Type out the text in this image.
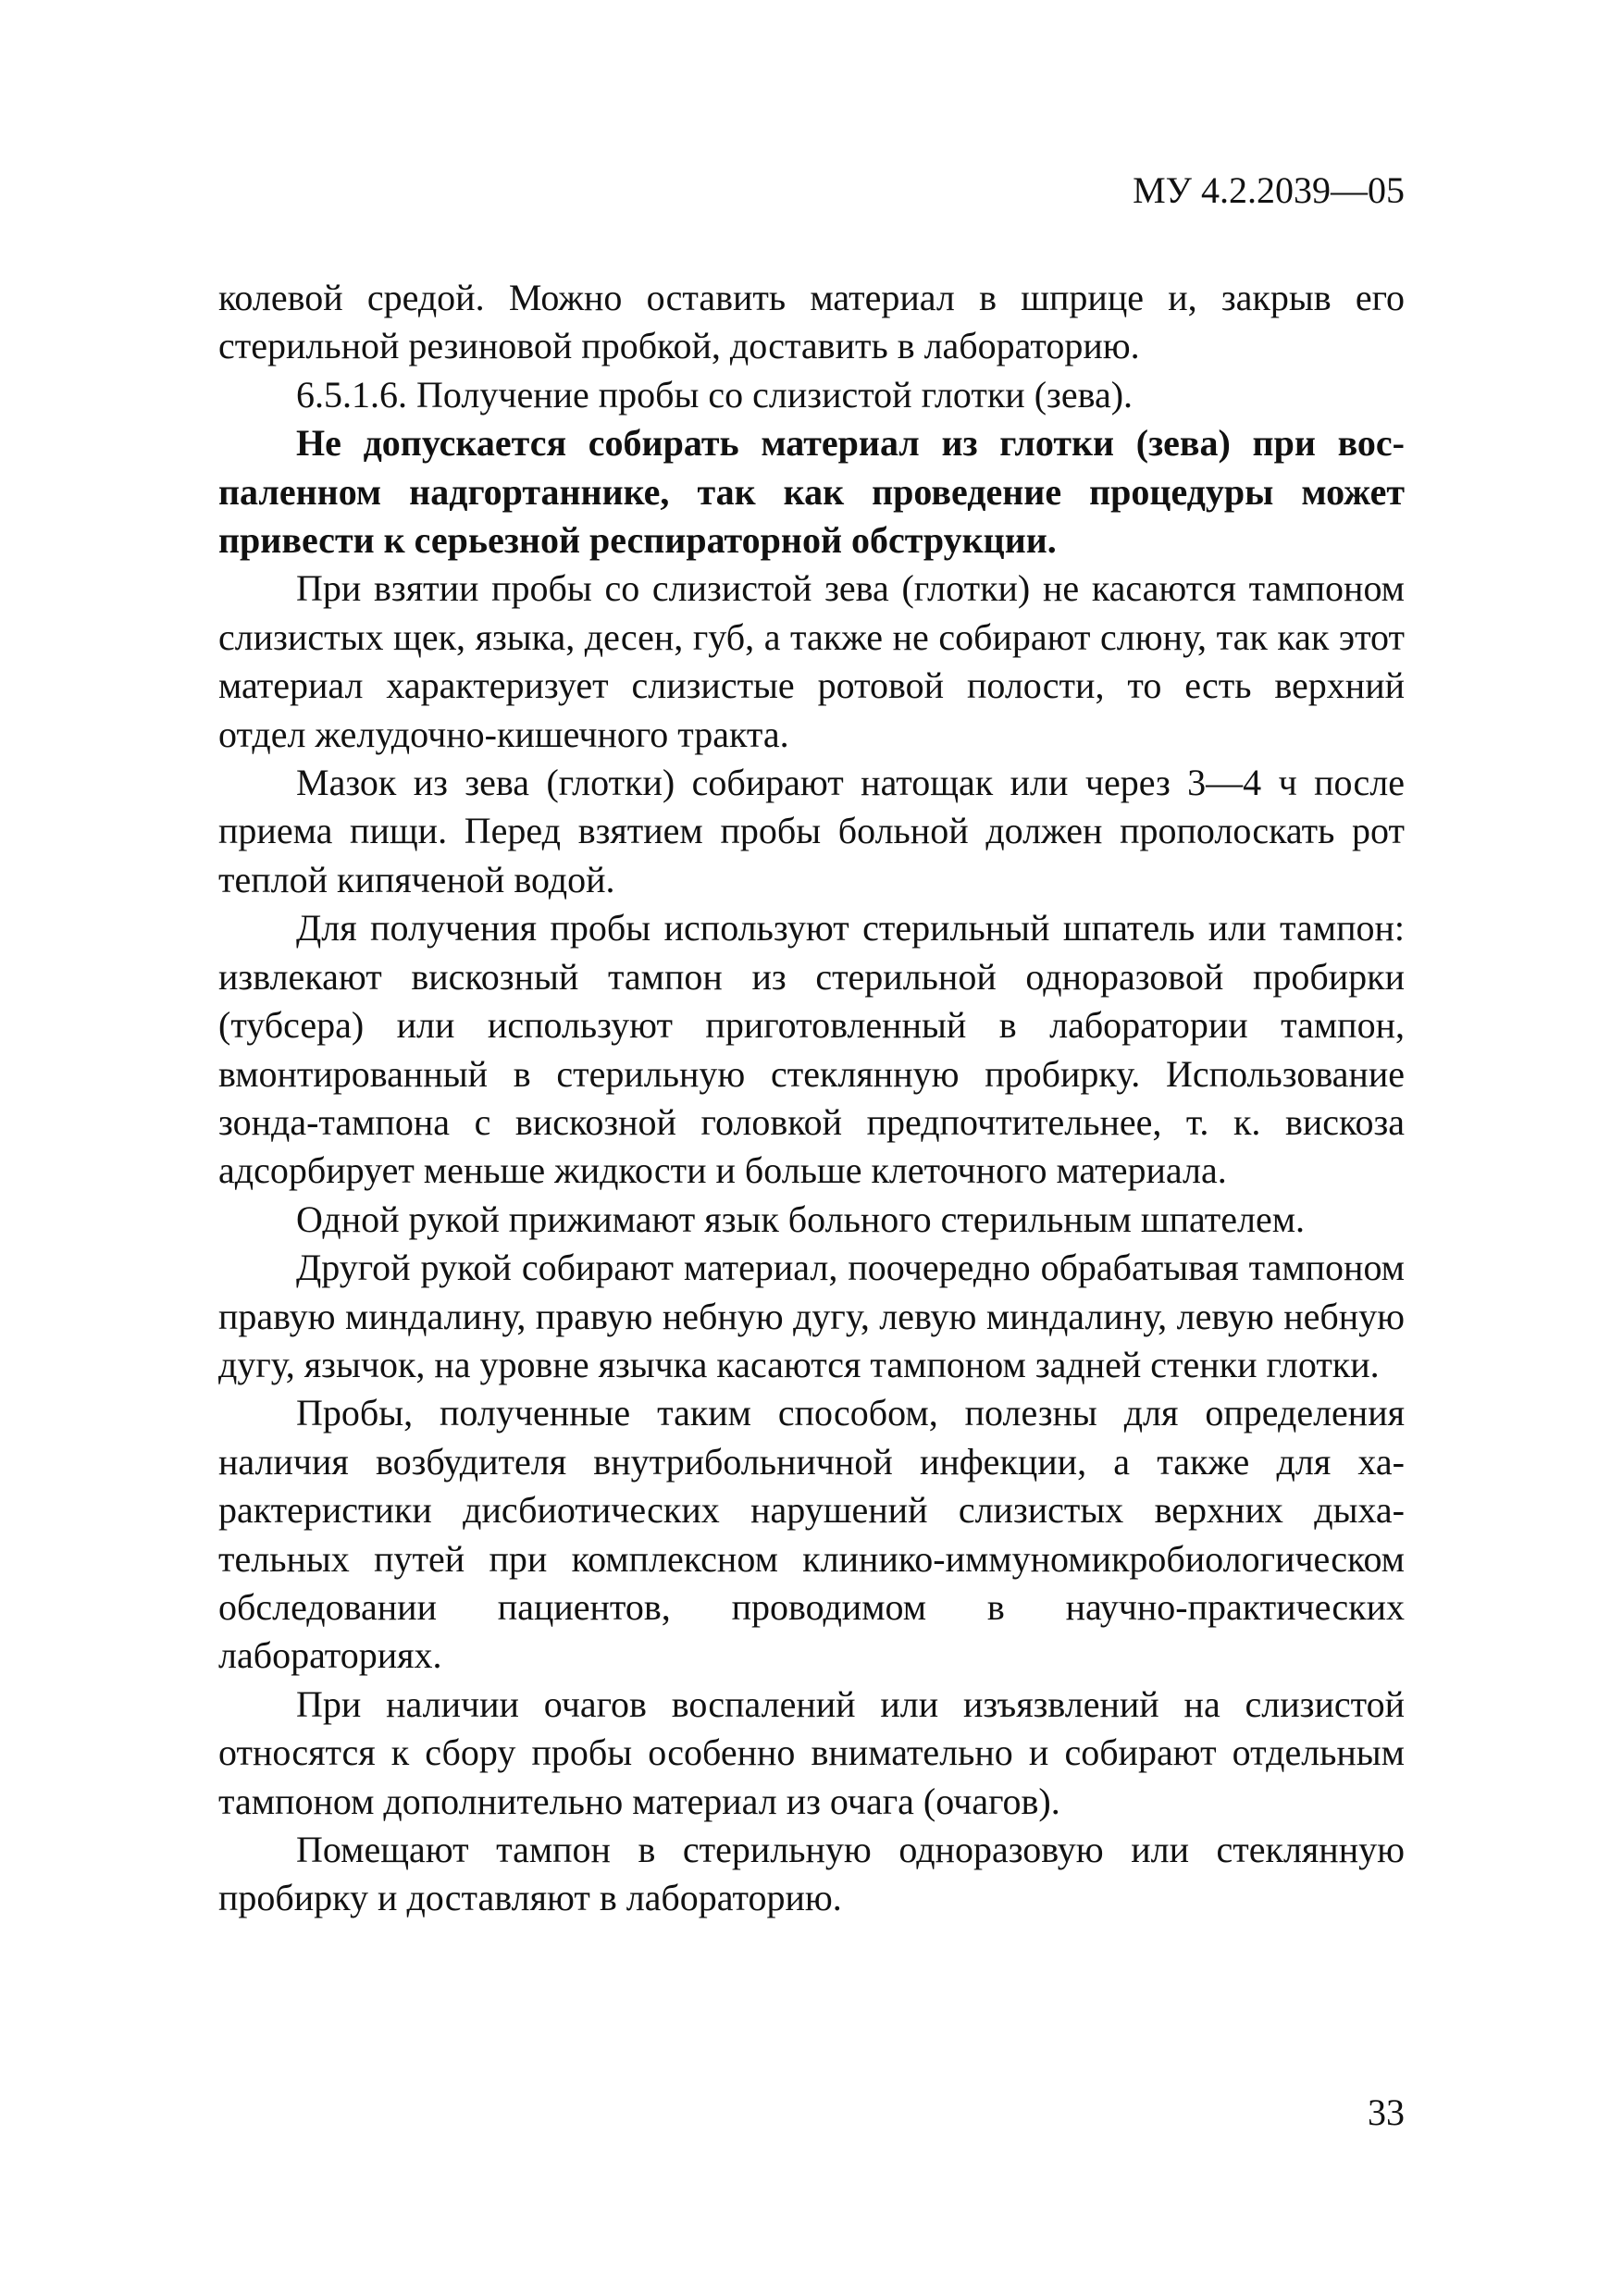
МУ 4.2.2039—05

колевой средой. Можно оставить материал в шприце и, закрыв его стерильной резиновой пробкой, доставить в лабораторию.

6.5.1.6. Получение пробы со слизистой глотки (зева).

Не допускается собирать материал из глотки (зева) при воспаленном надгортаннике, так как проведение процедуры может привести к серьезной респираторной обструкции.

При взятии пробы со слизистой зева (глотки) не касаются тампоном слизистых щек, языка, десен, губ, а также не собирают слюну, так как этот материал характеризует слизистые ротовой полости, то есть верхний отдел желудочно-кишечного тракта.

Мазок из зева (глотки) собирают натощак или через 3—4 ч после приема пищи. Перед взятием пробы больной должен прополоскать рот теплой кипяченой водой.

Для получения пробы используют стерильный шпатель или тампон: извлекают вискозный тампон из стерильной одноразовой пробирки (тубсера) или используют приготовленный в лаборатории тампон, вмонтированный в стерильную стеклянную пробирку. Использование зонда-тампона с вискозной головкой предпочтительнее, т. к. вискоза адсорбирует меньше жидкости и больше клеточного материала.

Одной рукой прижимают язык больного стерильным шпателем.

Другой рукой собирают материал, поочередно обрабатывая тампоном правую миндалину, правую небную дугу, левую миндалину, левую небную дугу, язычок, на уровне язычка касаются тампоном задней стенки глотки.

Пробы, полученные таким способом, полезны для определения наличия возбудителя внутрибольничной инфекции, а также для характеристики дисбиотических нарушений слизистых верхних дыхательных путей при комплексном клинико-иммуномикробиологическом обследовании пациентов, проводимом в научно-практических лабораториях.

При наличии очагов воспалений или изъязвлений на слизистой относятся к сбору пробы особенно внимательно и собирают отдельным тампоном дополнительно материал из очага (очагов).

Помещают тампон в стерильную одноразовую или стеклянную пробирку и доставляют в лабораторию.

33
